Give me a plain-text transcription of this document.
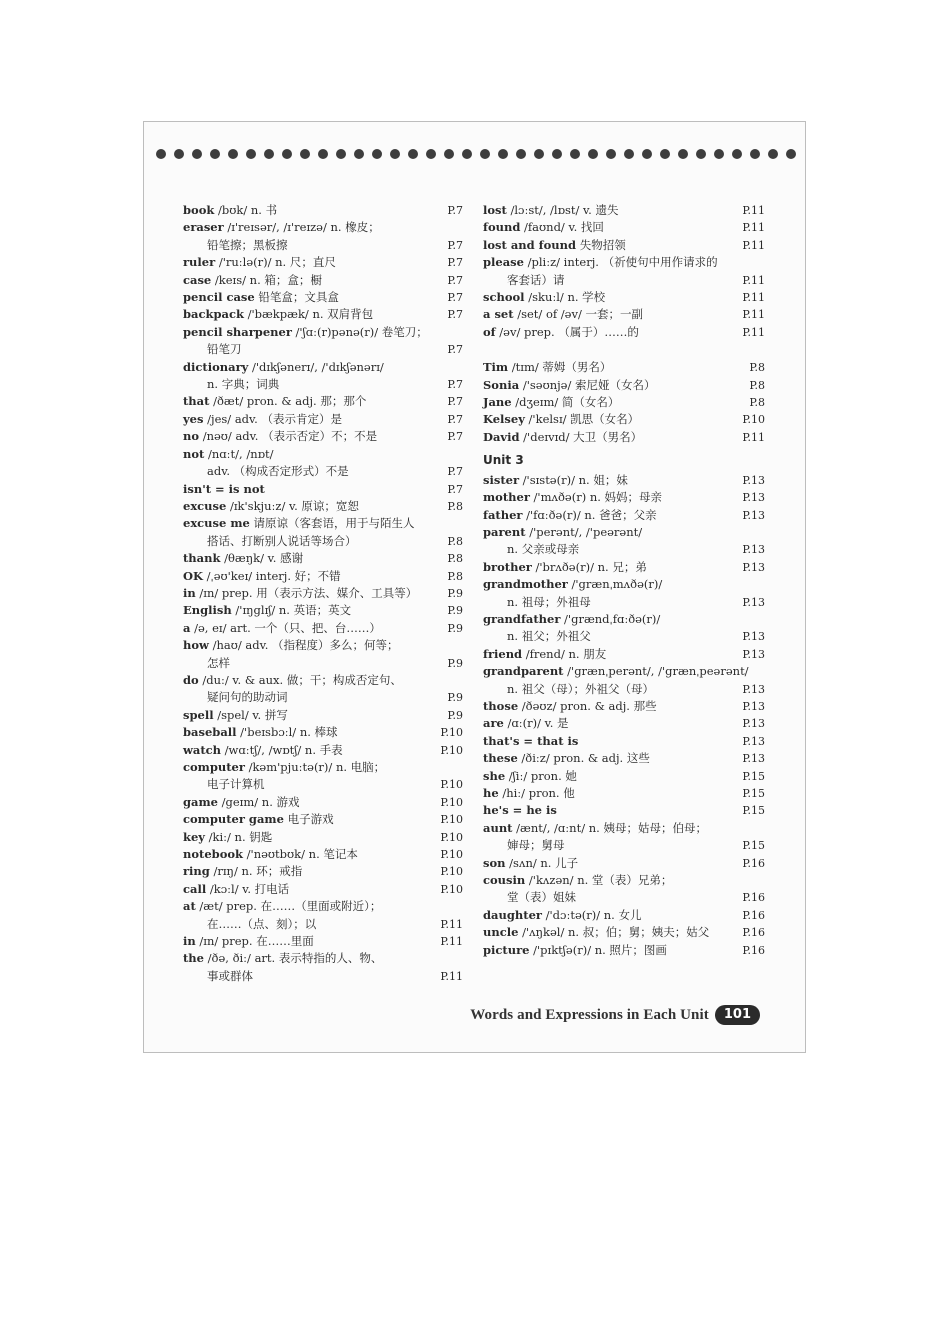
book /bʊk/ n. 书	P.7
eraser /ɪ'reɪsər/, /ɪ'reɪzə/ n. 橡皮；
铅笔擦；黑板擦	P.7
ruler /'ruːlə(r)/ n. 尺；直尺	P.7
case /keɪs/ n. 箱；盒；橱	P.7
pencil case 铅笔盒；文具盒	P.7
backpack /'bækpæk/ n. 双肩背包	P.7
pencil sharpener /'ʃɑː(r)pənə(r)/ 卷笔刀；
铅笔刀	P.7
dictionary /'dɪkʃənerɪ/, /'dɪkʃənərɪ/
n. 字典；词典	P.7
that /ðæt/ pron. & adj. 那；那个	P.7
yes /jes/ adv. （表示肯定）是	P.7
no /nəʊ/ adv. （表示否定）不；不是	P.7
not /nɑːt/, /nɒt/
adv. （构成否定形式）不是	P.7
isn't = is not	P.7
excuse /ɪk'skjuːz/ v. 原谅；宽恕	P.8
excuse me 请原谅（客套语，用于与陌生人
搭话、打断别人说话等场合）	P.8
thank /θæŋk/ v. 感谢	P.8
OK /ˌəʊ'keɪ/ interj. 好；不错	P.8
in /ɪn/ prep. 用（表示方法、媒介、工具等）	P.9
English /'ɪŋglɪʃ/ n. 英语；英文	P.9
a /ə, eɪ/ art. 一个（只、把、台……）	P.9
how /haʊ/ adv. （指程度）多么；何等；
怎样	P.9
do /duː/ v. & aux. 做；干；构成否定句、
疑问句的助动词	P.9
spell /spel/ v. 拼写	P.9
baseball /'beɪsbɔːl/ n. 棒球	P.10
watch /wɑːtʃ/, /wɒtʃ/ n. 手表	P.10
computer /kəm'pjuːtə(r)/ n. 电脑；
电子计算机	P.10
game /geɪm/ n. 游戏	P.10
computer game 电子游戏	P.10
key /kiː/ n. 钥匙	P.10
notebook /'nəʊtbʊk/ n. 笔记本	P.10
ring /rɪŋ/ n. 环；戒指	P.10
call /kɔːl/ v. 打电话	P.10
at /æt/ prep. 在……（里面或附近）；
在……（点、刻）；以	P.11
in /ɪn/ prep. 在……里面	P.11
the /ðə, ðiː/ art. 表示特指的人、物、
事或群体	P.11
lost /lɔːst/, /lɒst/ v. 遗失	P.11
found /faʊnd/ v. 找回	P.11
lost and found 失物招领	P.11
please /pliːz/ interj. （祈使句中用作请求的
客套话）请	P.11
school /skuːl/ n. 学校	P.11
a set /set/ of /əv/ 一套；一副	P.11
of /əv/ prep. （属于）……的	P.11
Tim /tɪm/ 蒂姆（男名）	P.8
Sonia /'səʊnjə/ 索尼娅（女名）	P.8
Jane /dʒeɪm/ 简（女名）	P.8
Kelsey /'kelsɪ/ 凯思（女名）	P.10
David /'deɪvɪd/ 大卫（男名）	P.11
Unit 3
sister /'sɪstə(r)/ n. 姐；妹	P.13
mother /'mʌðə(r) n. 妈妈；母亲	P.13
father /'fɑːðə(r)/ n. 爸爸；父亲	P.13
parent /'perənt/, /'peərənt/
n. 父亲或母亲	P.13
brother /'brʌðə(r)/ n. 兄；弟	P.13
grandmother /'grænˌmʌðə(r)/
n. 祖母；外祖母	P.13
grandfather /'grændˌfɑːðə(r)/
n. 祖父；外祖父	P.13
friend /frend/ n. 朋友	P.13
grandparent /'grænˌperənt/, /'grænˌpeərənt/
n. 祖父（母）；外祖父（母）	P.13
those /ðəʊz/ pron. & adj. 那些	P.13
are /ɑː(r)/ v. 是	P.13
that's = that is	P.13
these /ðiːz/ pron. & adj. 这些	P.13
she /ʃiː/ pron. 她	P.15
he /hiː/ pron. 他	P.15
he's = he is	P.15
aunt /ænt/, /ɑːnt/ n. 姨母；姑母；伯母；
婶母；舅母	P.15
son /sʌn/ n. 儿子	P.16
cousin /'kʌzən/ n. 堂（表）兄弟；
堂（表）姐妹	P.16
daughter /'dɔːtə(r)/ n. 女儿	P.16
uncle /'ʌŋkəl/ n. 叔；伯；舅；姨夫；姑父	P.16
picture /'pɪktʃə(r)/ n. 照片；图画	P.16
Words and Expressions in Each Unit	101
